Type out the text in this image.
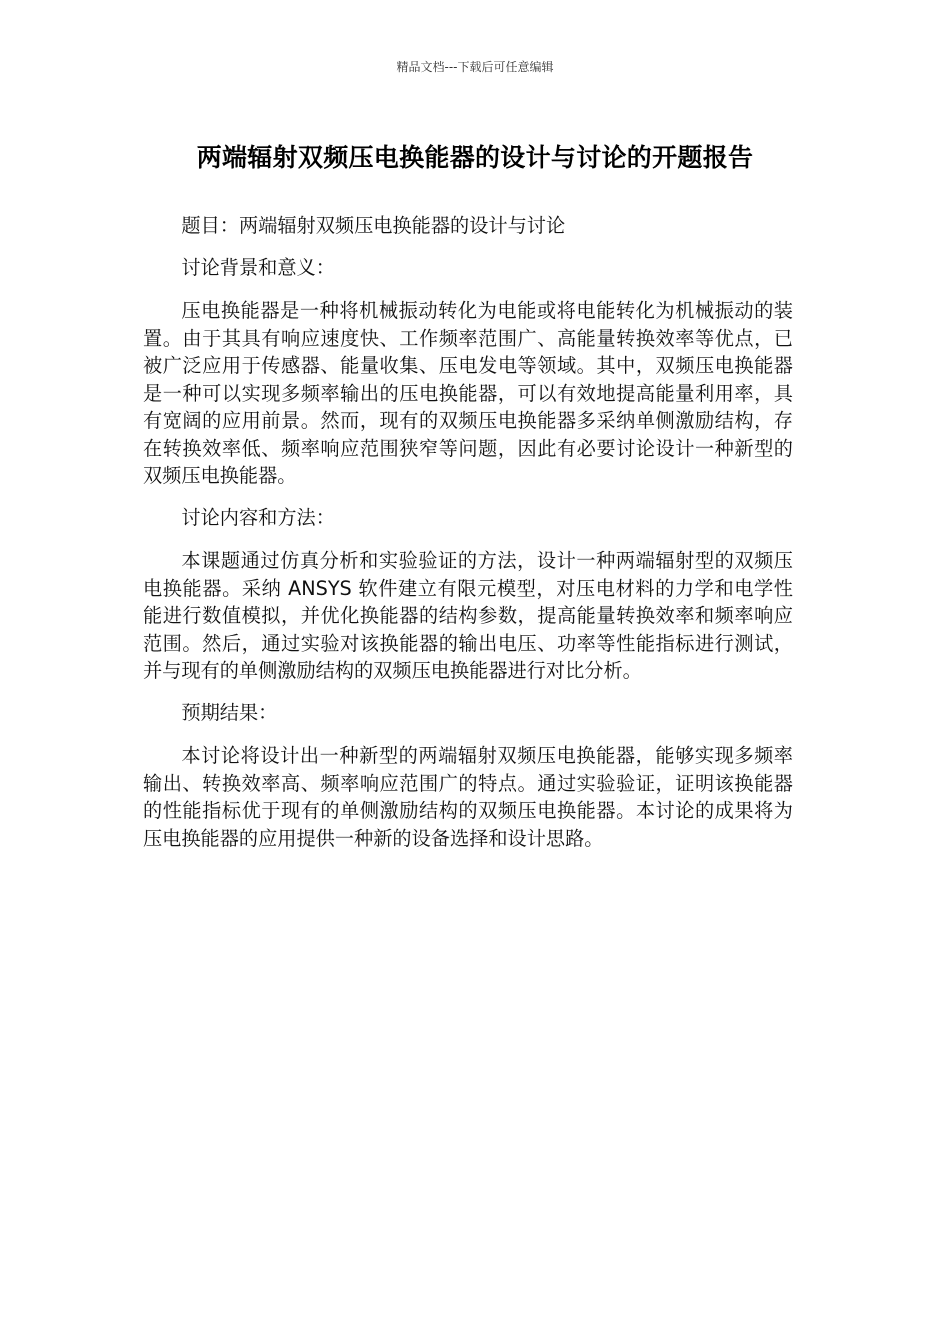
精品文档---下载后可任意编辑
两端辐射双频压电换能器的设计与讨论的开题报告

题目：两端辐射双频压电换能器的设计与讨论

讨论背景和意义：

压电换能器是一种将机械振动转化为电能或将电能转化为机械振动的装置。由于其具有响应速度快、工作频率范围广、高能量转换效率等优点，已被广泛应用于传感器、能量收集、压电发电等领域。其中，双频压电换能器是一种可以实现多频率输出的压电换能器，可以有效地提高能量利用率，具有宽阔的应用前景。然而，现有的双频压电换能器多采纳单侧激励结构，存在转换效率低、频率响应范围狭窄等问题，因此有必要讨论设计一种新型的双频压电换能器。

讨论内容和方法：

本课题通过仿真分析和实验验证的方法，设计一种两端辐射型的双频压电换能器。采纳 ANSYS 软件建立有限元模型，对压电材料的力学和电学性能进行数值模拟，并优化换能器的结构参数，提高能量转换效率和频率响应范围。然后，通过实验对该换能器的输出电压、功率等性能指标进行测试，并与现有的单侧激励结构的双频压电换能器进行对比分析。

预期结果：

本讨论将设计出一种新型的两端辐射双频压电换能器，能够实现多频率输出、转换效率高、频率响应范围广的特点。通过实验验证，证明该换能器的性能指标优于现有的单侧激励结构的双频压电换能器。本讨论的成果将为压电换能器的应用提供一种新的设备选择和设计思路。
